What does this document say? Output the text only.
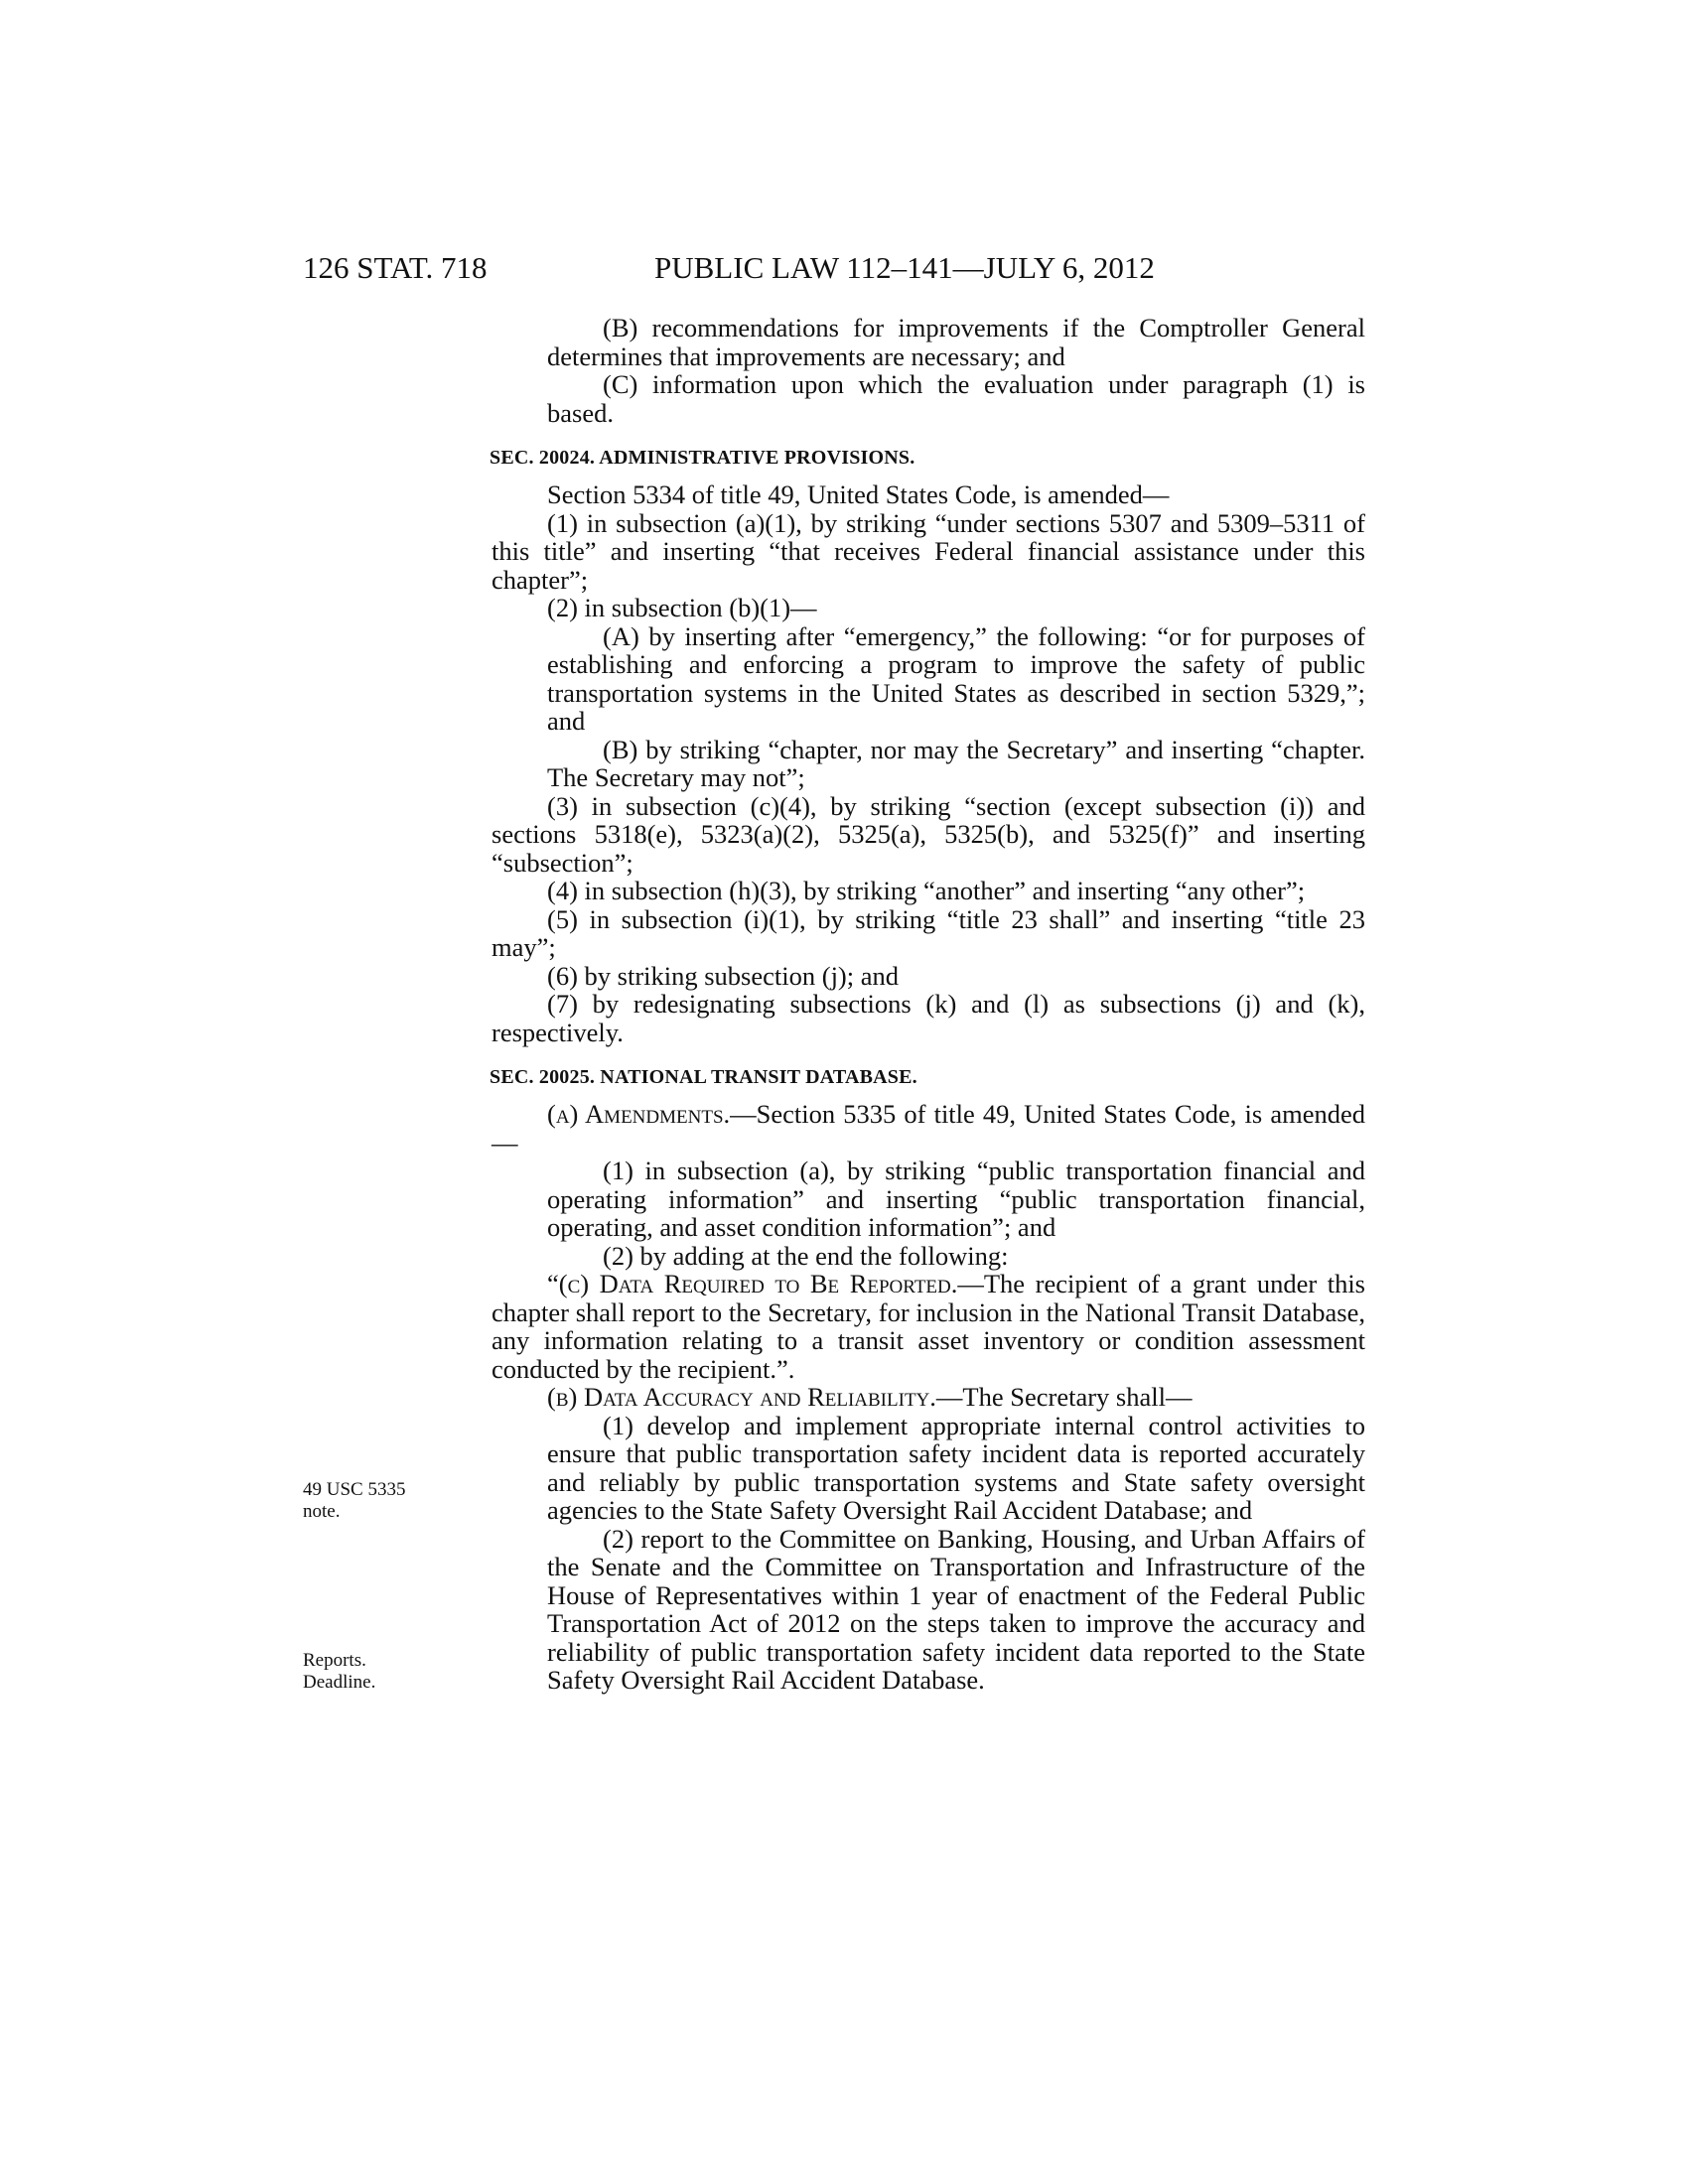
126 STAT. 718	PUBLIC LAW 112–141—JULY 6, 2012

(B) recommendations for improvements if the Comptroller General determines that improvements are necessary; and

(C) information upon which the evaluation under paragraph (1) is based.

SEC. 20024. ADMINISTRATIVE PROVISIONS.

Section 5334 of title 49, United States Code, is amended—

(1) in subsection (a)(1), by striking “under sections 5307 and 5309–5311 of this title” and inserting “that receives Federal financial assistance under this chapter”;

(2) in subsection (b)(1)—

(A) by inserting after “emergency,” the following: “or for purposes of establishing and enforcing a program to improve the safety of public transportation systems in the United States as described in section 5329,”; and

(B) by striking “chapter, nor may the Secretary” and inserting “chapter. The Secretary may not”;

(3) in subsection (c)(4), by striking “section (except subsection (i)) and sections 5318(e), 5323(a)(2), 5325(a), 5325(b), and 5325(f)” and inserting “subsection”;

(4) in subsection (h)(3), by striking “another” and inserting “any other”;

(5) in subsection (i)(1), by striking “title 23 shall” and inserting “title 23 may”;

(6) by striking subsection (j); and

(7) by redesignating subsections (k) and (l) as subsections (j) and (k), respectively.

SEC. 20025. NATIONAL TRANSIT DATABASE.

(a) Amendments.—Section 5335 of title 49, United States Code, is amended—

(1) in subsection (a), by striking “public transportation financial and operating information” and inserting “public transportation financial, operating, and asset condition information”; and

(2) by adding at the end the following:

“(c) Data Required to Be Reported.—The recipient of a grant under this chapter shall report to the Secretary, for inclusion in the National Transit Database, any information relating to a transit asset inventory or condition assessment conducted by the recipient.”.

(b) Data Accuracy and Reliability.—The Secretary shall—

(1) develop and implement appropriate internal control activities to ensure that public transportation safety incident data is reported accurately and reliably by public transportation systems and State safety oversight agencies to the State Safety Oversight Rail Accident Database; and

(2) report to the Committee on Banking, Housing, and Urban Affairs of the Senate and the Committee on Transportation and Infrastructure of the House of Representatives within 1 year of enactment of the Federal Public Transportation Act of 2012 on the steps taken to improve the accuracy and reliability of public transportation safety incident data reported to the State Safety Oversight Rail Accident Database.

49 USC 5335
note.
Reports.
Deadline.
